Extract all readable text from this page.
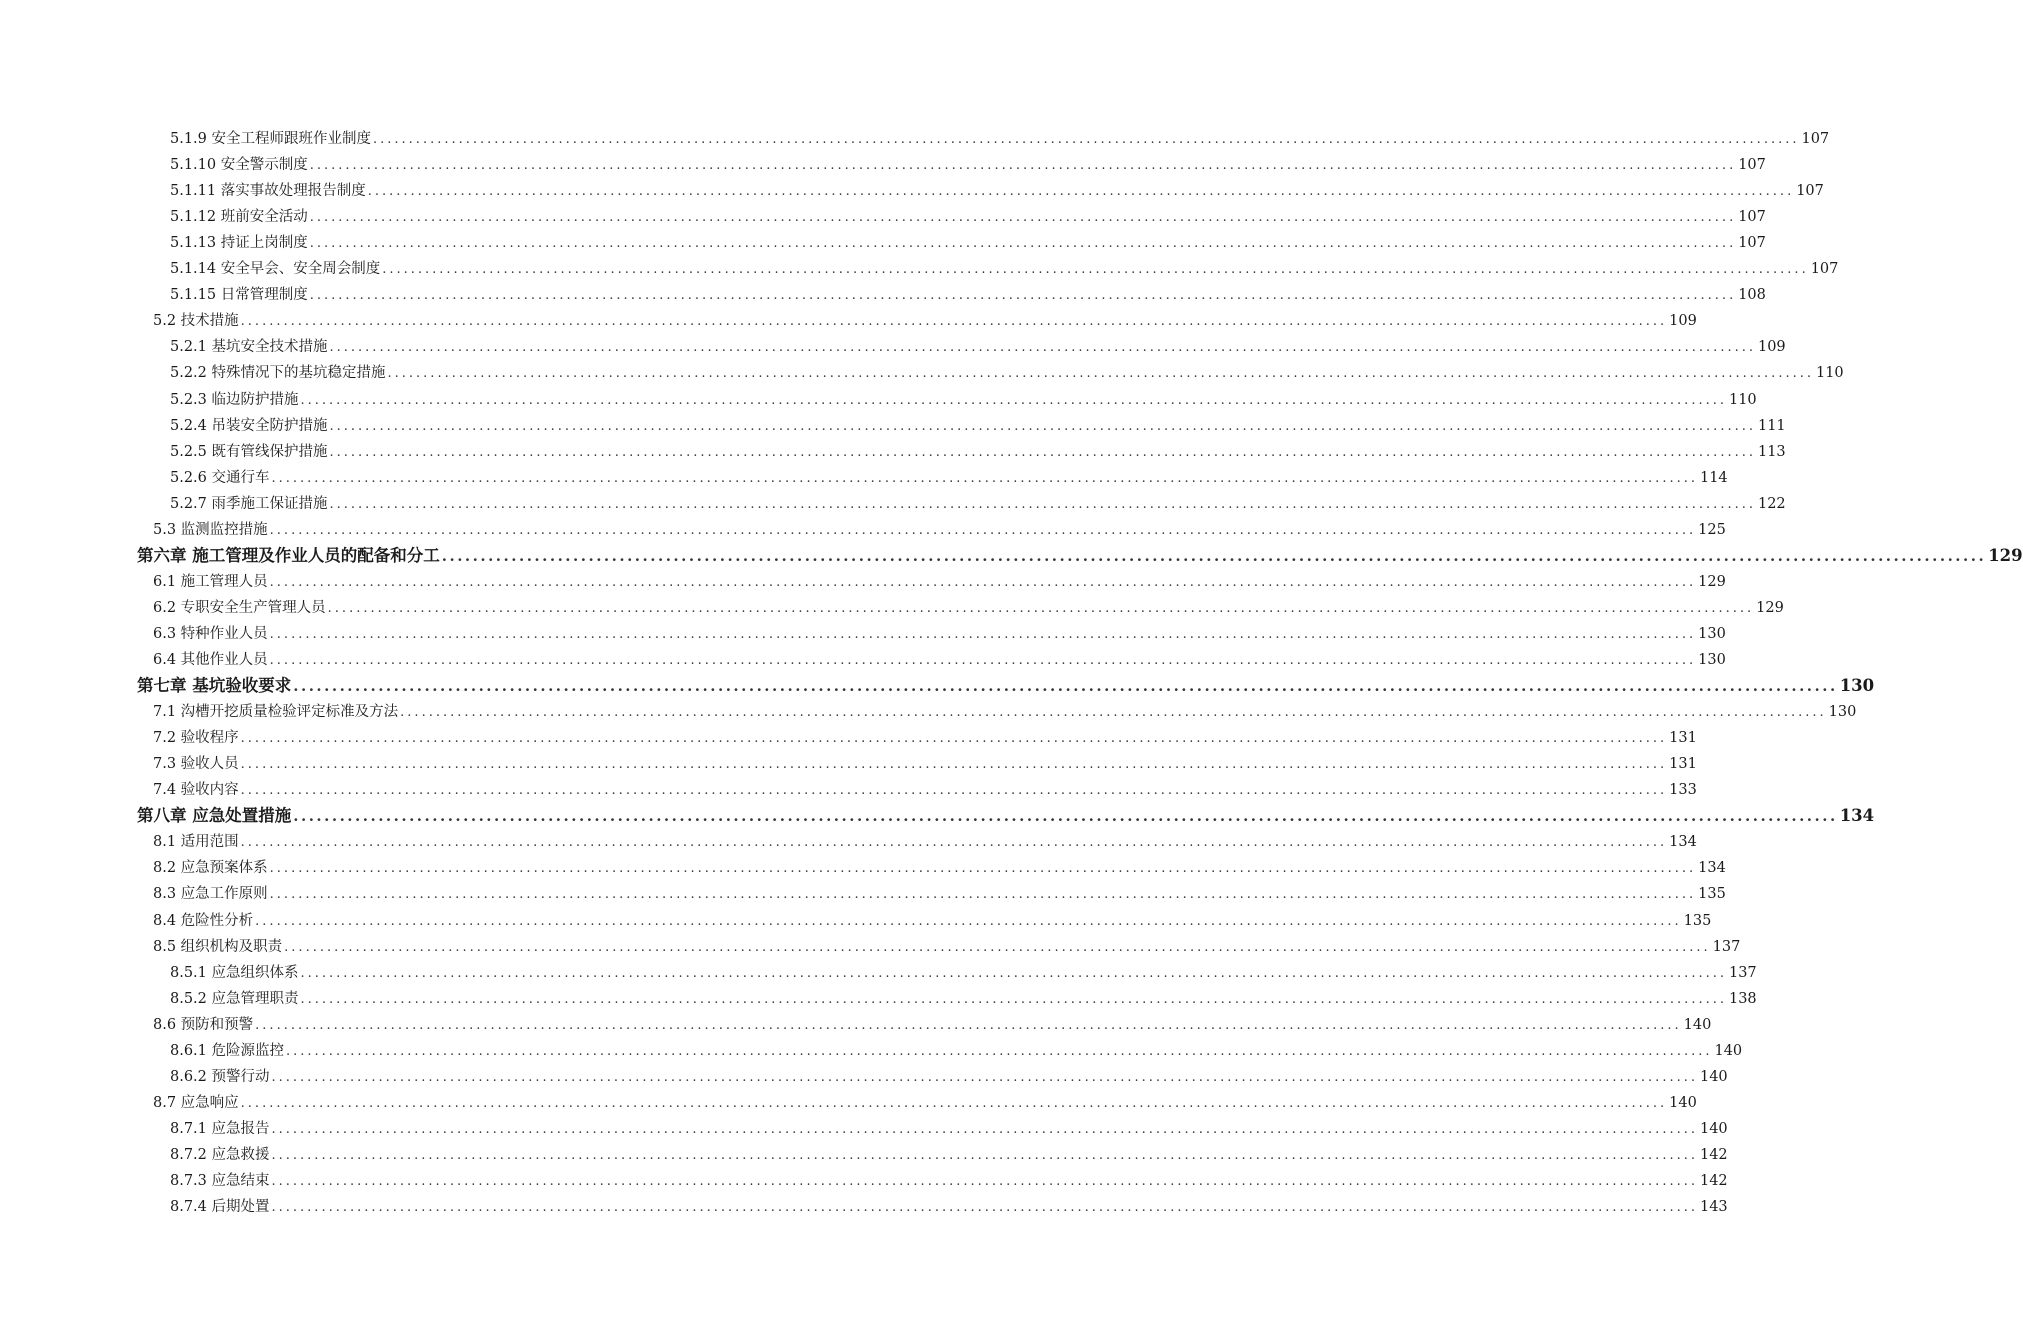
5.1.9 安全工程师跟班作业制度 ........................................................................................................................................................................................................ 107
5.1.10 安全警示制度 ........................................................................................................................................................................................................ 107
5.1.11 落实事故处理报告制度 ........................................................................................................................................................................................................ 107
5.1.12 班前安全活动 ........................................................................................................................................................................................................ 107
5.1.13 持证上岗制度 ........................................................................................................................................................................................................ 107
5.1.14 安全早会、安全周会制度 ........................................................................................................................................................................................................ 107
5.1.15 日常管理制度 ........................................................................................................................................................................................................ 108
5.2 技术措施 ........................................................................................................................................................................................................ 109
5.2.1 基坑安全技术措施 ........................................................................................................................................................................................................ 109
5.2.2 特殊情况下的基坑稳定措施 ........................................................................................................................................................................................................ 110
5.2.3 临边防护措施 ........................................................................................................................................................................................................ 110
5.2.4 吊装安全防护措施 ........................................................................................................................................................................................................ 111
5.2.5 既有管线保护措施 ........................................................................................................................................................................................................ 113
5.2.6 交通行车 ........................................................................................................................................................................................................ 114
5.2.7 雨季施工保证措施 ........................................................................................................................................................................................................ 122
5.3 监测监控措施 ........................................................................................................................................................................................................ 125
第六章 施工管理及作业人员的配备和分工 ........................................................................................................................................................................................................ 129
6.1 施工管理人员 ........................................................................................................................................................................................................ 129
6.2 专职安全生产管理人员 ........................................................................................................................................................................................................ 129
6.3 特种作业人员 ........................................................................................................................................................................................................ 130
6.4 其他作业人员 ........................................................................................................................................................................................................ 130
第七章 基坑验收要求 ........................................................................................................................................................................................................ 130
7.1 沟槽开挖质量检验评定标准及方法 ........................................................................................................................................................................................................ 130
7.2 验收程序 ........................................................................................................................................................................................................ 131
7.3 验收人员 ........................................................................................................................................................................................................ 131
7.4 验收内容 ........................................................................................................................................................................................................ 133
第八章 应急处置措施 ........................................................................................................................................................................................................ 134
8.1 适用范围 ........................................................................................................................................................................................................ 134
8.2 应急预案体系 ........................................................................................................................................................................................................ 134
8.3 应急工作原则 ........................................................................................................................................................................................................ 135
8.4 危险性分析 ........................................................................................................................................................................................................ 135
8.5 组织机构及职责 ........................................................................................................................................................................................................ 137
8.5.1 应急组织体系 ........................................................................................................................................................................................................ 137
8.5.2 应急管理职责 ........................................................................................................................................................................................................ 138
8.6 预防和预警 ........................................................................................................................................................................................................ 140
8.6.1 危险源监控 ........................................................................................................................................................................................................ 140
8.6.2 预警行动 ........................................................................................................................................................................................................ 140
8.7 应急响应 ........................................................................................................................................................................................................ 140
8.7.1 应急报告 ........................................................................................................................................................................................................ 140
8.7.2 应急救援 ........................................................................................................................................................................................................ 142
8.7.3 应急结束 ........................................................................................................................................................................................................ 142
8.7.4 后期处置 ........................................................................................................................................................................................................ 143
